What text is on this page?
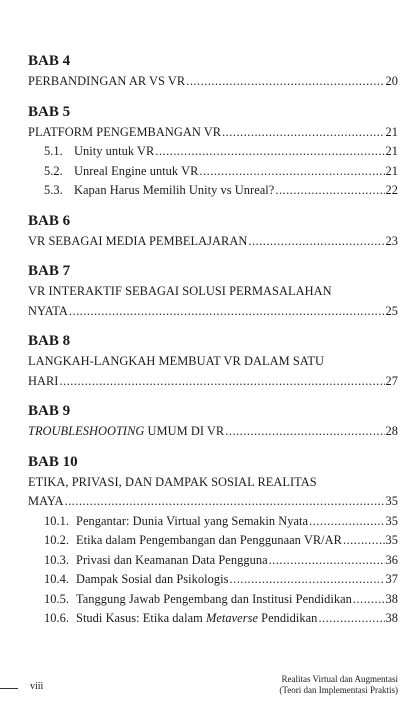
BAB 4
PERBANDINGAN AR VS VR .....	20
BAB 5
PLATFORM PENGEMBANGAN VR .....	21
5.1. Unity untuk VR .....	21
5.2. Unreal Engine untuk VR .....	21
5.3. Kapan Harus Memilih Unity vs Unreal? .....	22
BAB 6
VR SEBAGAI MEDIA PEMBELAJARAN .....	23
BAB 7
VR INTERAKTIF SEBAGAI SOLUSI PERMASALAHAN
NYATA .....	25
BAB 8
LANGKAH-LANGKAH MEMBUAT VR DALAM SATU
HARI .....	27
BAB 9
TROUBLESHOOTING UMUM DI VR .....	28
BAB 10
ETIKA, PRIVASI, DAN DAMPAK SOSIAL REALITAS
MAYA .....	35
10.1. Pengantar: Dunia Virtual yang Semakin Nyata .....	35
10.2. Etika dalam Pengembangan dan Penggunaan VR/AR .....	35
10.3. Privasi dan Keamanan Data Pengguna .....	36
10.4. Dampak Sosial dan Psikologis .....	37
10.5. Tanggung Jawab Pengembang dan Institusi Pendidikan .....	38
10.6. Studi Kasus: Etika dalam Metaverse Pendidikan .....	38
viii
Realitas Virtual dan Augmentasi
(Teori dan Implementasi Praktis)
